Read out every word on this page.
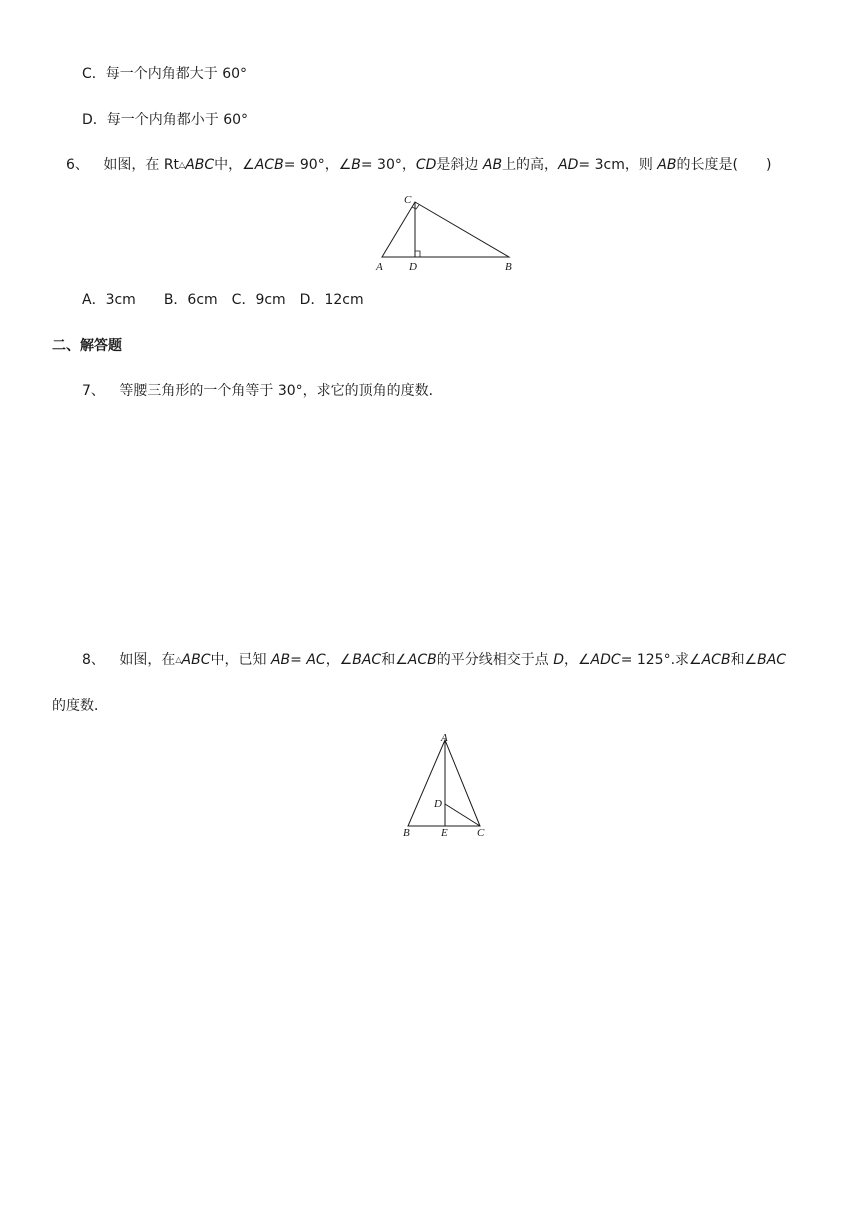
C．每一个内角都大于 60°
D．每一个内角都小于 60°
6、 如图，在 Rt△ABC中，∠ACB= 90°，∠B= 30°，CD是斜边 AB上的高，AD= 3cm，则 AB的长度是(　　)
C
A D	B
A．3cm　　B．6cm　C．9cm　D．12cm
二、解答题
7、 等腰三角形的一个角等于 30°，求它的顶角的度数．
8、 如图，在△ABC中，已知 AB= AC，∠BAC和∠ACB的平分线相交于点 D，∠ADC= 125°.求∠ACB和∠BAC
的度数．
A
D
B	E	C
